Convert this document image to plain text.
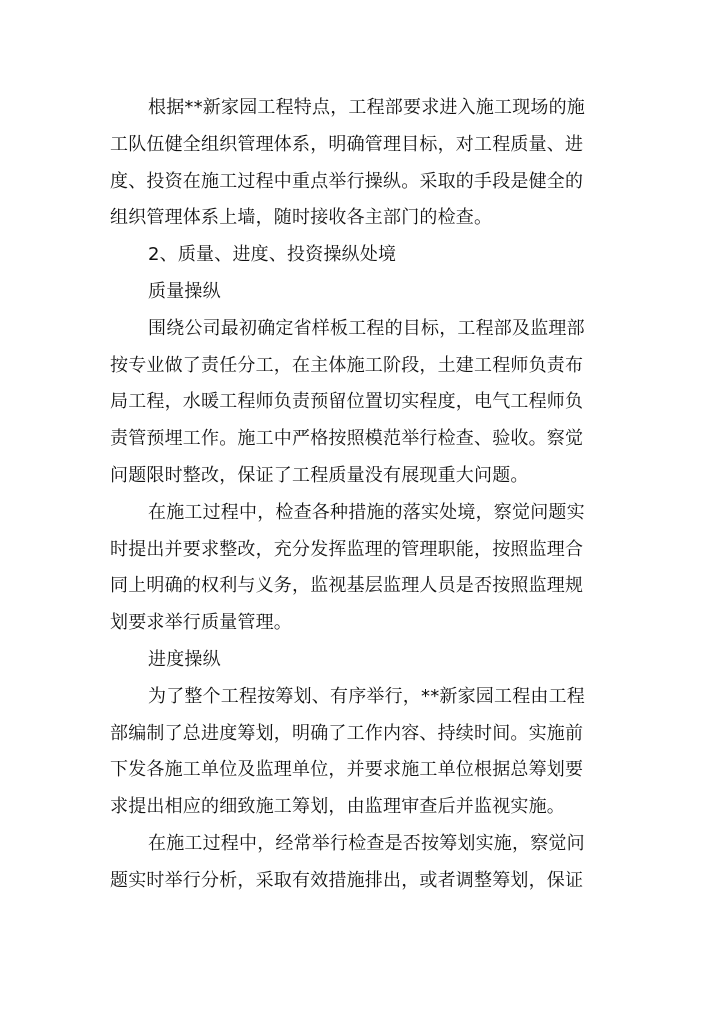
根据**新家园工程特点，工程部要求进入施工现场的施
工队伍健全组织管理体系，明确管理目标，对工程质量、进
度、投资在施工过程中重点举行操纵。采取的手段是健全的
组织管理体系上墙，随时接收各主部门的检查。
2、质量、进度、投资操纵处境
质量操纵
围绕公司最初确定省样板工程的目标，工程部及监理部
按专业做了责任分工，在主体施工阶段，土建工程师负责布
局工程，水暖工程师负责预留位置切实程度，电气工程师负
责管预埋工作。施工中严格按照模范举行检查、验收。察觉
问题限时整改，保证了工程质量没有展现重大问题。
在施工过程中，检查各种措施的落实处境，察觉问题实
时提出并要求整改，充分发挥监理的管理职能，按照监理合
同上明确的权利与义务，监视基层监理人员是否按照监理规
划要求举行质量管理。
进度操纵
为了整个工程按筹划、有序举行，**新家园工程由工程
部编制了总进度筹划，明确了工作内容、持续时间。实施前
下发各施工单位及监理单位，并要求施工单位根据总筹划要
求提出相应的细致施工筹划，由监理审查后并监视实施。
在施工过程中，经常举行检查是否按筹划实施，察觉问
题实时举行分析，采取有效措施排出，或者调整筹划，保证
